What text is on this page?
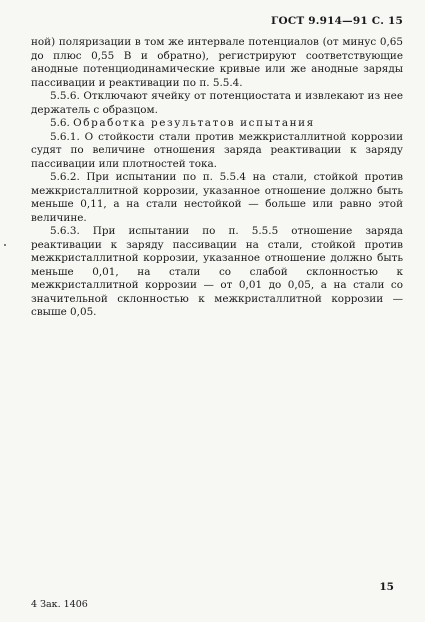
ГОСТ 9.914—91 С. 15

ной) поляризации в том же интервале потенциалов (от минус 0,65 до плюс 0,55 В и обратно), регистрируют соответствующие анодные потенциодинамические кривые или же анодные заряды пассивации и реактивации по п. 5.5.4.

5.5.6. Отключают ячейку от потенциостата и извлекают из нее держатель с образцом.

5.6. Обработка результатов испытания

5.6.1. О стойкости стали против межкристаллитной коррозии судят по величине отношения заряда реактивации к заряду пассивации или плотностей тока.

5.6.2. При испытании по п. 5.5.4 на стали, стойкой против межкристаллитной коррозии, указанное отношение должно быть меньше 0,11, а на стали нестойкой — больше или равно этой величине.

5.6.3. При испытании по п. 5.5.5 отношение заряда реактивации к заряду пассивации на стали, стойкой против межкристаллитной коррозии, указанное отношение должно быть меньше 0,01, на стали со слабой склонностью к межкристаллитной коррозии — от 0,01 до 0,05, а на стали со значительной склонностью к межкристаллитной коррозии — свыше 0,05.

15
4 Зак. 1406
